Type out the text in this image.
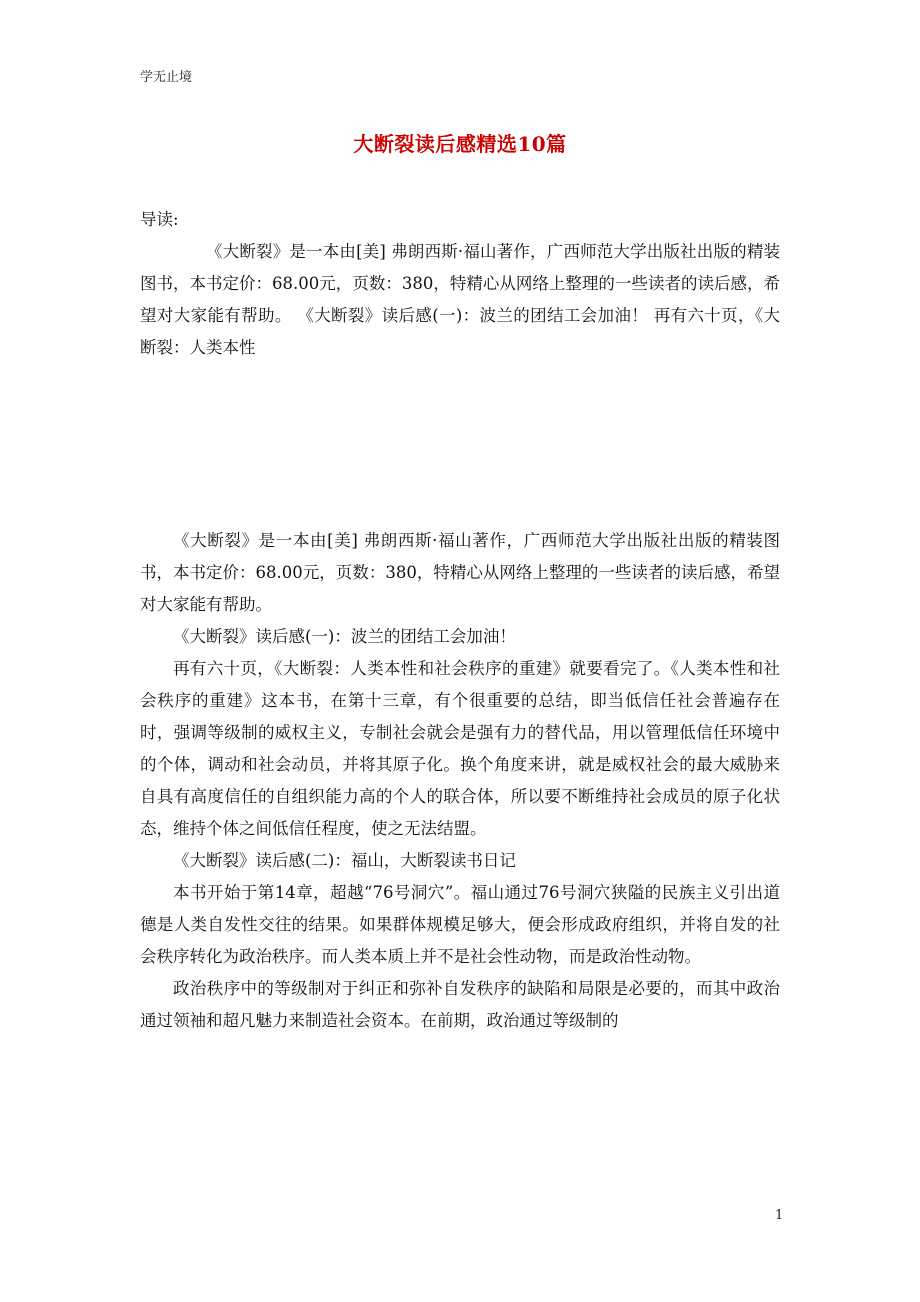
学无止境
大断裂读后感精选10篇

导读:

《大断裂》是一本由[美] 弗朗西斯·福山著作，广西师范大学出版社出版的精装图书，本书定价：68.00元，页数：380，特精心从网络上整理的一些读者的读后感，希望对大家能有帮助。 《大断裂》读后感(一)：波兰的团结工会加油！ 再有六十页，《大断裂：人类本性

《大断裂》是一本由[美] 弗朗西斯·福山著作，广西师范大学出版社出版的精装图书，本书定价：68.00元，页数：380，特精心从网络上整理的一些读者的读后感，希望对大家能有帮助。

《大断裂》读后感(一)：波兰的团结工会加油！

再有六十页，《大断裂：人类本性和社会秩序的重建》就要看完了。《人类本性和社会秩序的重建》这本书，在第十三章，有个很重要的总结，即当低信任社会普遍存在时，强调等级制的威权主义，专制社会就会是强有力的替代品，用以管理低信任环境中的个体，调动和社会动员，并将其原子化。换个角度来讲，就是威权社会的最大威胁来自具有高度信任的自组织能力高的个人的联合体，所以要不断维持社会成员的原子化状态，维持个体之间低信任程度，使之无法结盟。

《大断裂》读后感(二)：福山，大断裂读书日记

本书开始于第14章，超越“76号洞穴”。福山通过76号洞穴狭隘的民族主义引出道德是人类自发性交往的结果。如果群体规模足够大，便会形成政府组织，并将自发的社会秩序转化为政治秩序。而人类本质上并不是社会性动物，而是政治性动物。

政治秩序中的等级制对于纠正和弥补自发秩序的缺陷和局限是必要的，而其中政治通过领袖和超凡魅力来制造社会资本。在前期，政治通过等级制的

1
